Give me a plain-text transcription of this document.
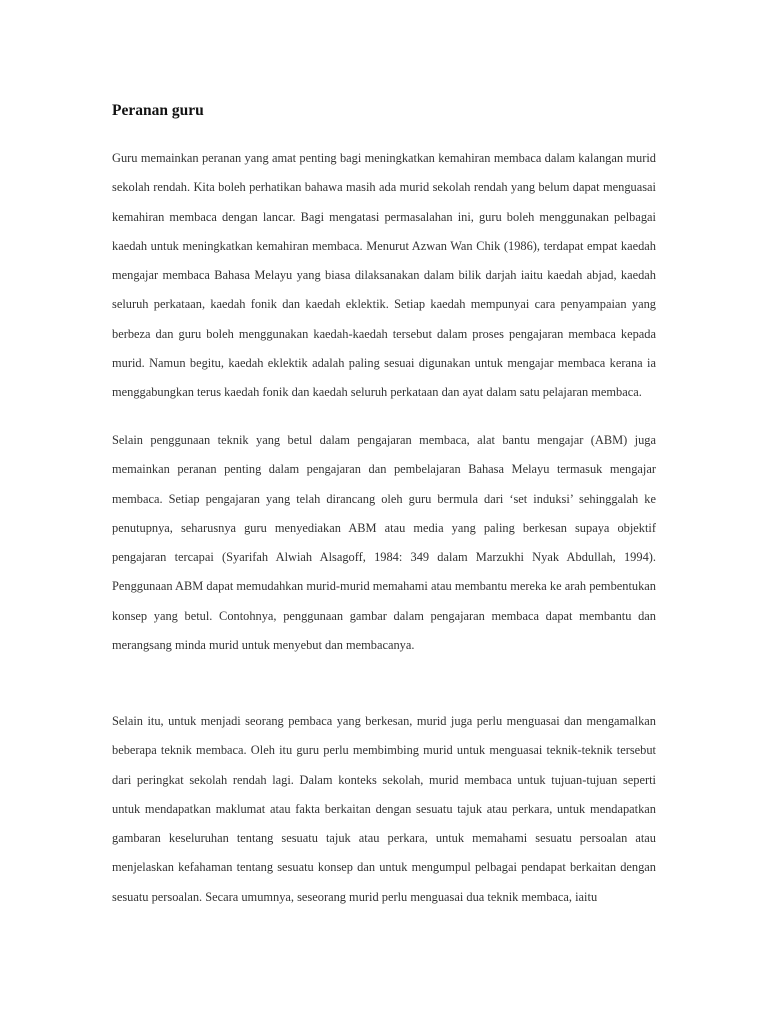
Peranan guru

Guru memainkan peranan yang amat penting bagi meningkatkan kemahiran membaca dalam kalangan murid sekolah rendah. Kita boleh perhatikan bahawa masih ada murid sekolah rendah yang belum dapat menguasai kemahiran membaca dengan lancar. Bagi mengatasi permasalahan ini, guru boleh menggunakan pelbagai kaedah untuk meningkatkan kemahiran membaca. Menurut Azwan Wan Chik (1986), terdapat empat kaedah mengajar membaca Bahasa Melayu yang biasa dilaksanakan dalam bilik darjah iaitu kaedah abjad, kaedah seluruh perkataan, kaedah fonik dan kaedah eklektik. Setiap kaedah mempunyai cara penyampaian yang berbeza dan guru boleh menggunakan kaedah-kaedah tersebut dalam proses pengajaran membaca kepada murid. Namun begitu, kaedah eklektik adalah paling sesuai digunakan untuk mengajar membaca kerana ia menggabungkan terus kaedah fonik dan kaedah seluruh perkataan dan ayat dalam satu pelajaran membaca.

Selain penggunaan teknik yang betul dalam pengajaran membaca, alat bantu mengajar (ABM) juga memainkan peranan penting dalam pengajaran dan pembelajaran Bahasa Melayu termasuk mengajar membaca. Setiap pengajaran yang telah dirancang oleh guru bermula dari ‘set induksi’ sehinggalah ke penutupnya, seharusnya guru menyediakan ABM atau media yang paling berkesan supaya objektif pengajaran tercapai (Syarifah Alwiah Alsagoff, 1984: 349 dalam Marzukhi Nyak Abdullah, 1994). Penggunaan ABM dapat memudahkan murid-murid memahami atau membantu mereka ke arah pembentukan konsep yang betul. Contohnya, penggunaan gambar dalam pengajaran membaca dapat membantu dan merangsang minda murid untuk menyebut dan membacanya.

Selain itu, untuk menjadi seorang pembaca yang berkesan, murid juga perlu menguasai dan mengamalkan beberapa teknik membaca. Oleh itu guru perlu membimbing murid untuk menguasai teknik-teknik tersebut dari peringkat sekolah rendah lagi. Dalam konteks sekolah, murid membaca untuk tujuan-tujuan seperti untuk mendapatkan maklumat atau fakta berkaitan dengan sesuatu tajuk atau perkara, untuk mendapatkan gambaran keseluruhan tentang sesuatu tajuk atau perkara, untuk memahami sesuatu persoalan atau menjelaskan kefahaman tentang sesuatu konsep dan untuk mengumpul pelbagai pendapat berkaitan dengan sesuatu persoalan. Secara umumnya, seseorang murid perlu menguasai dua teknik membaca, iaitu
